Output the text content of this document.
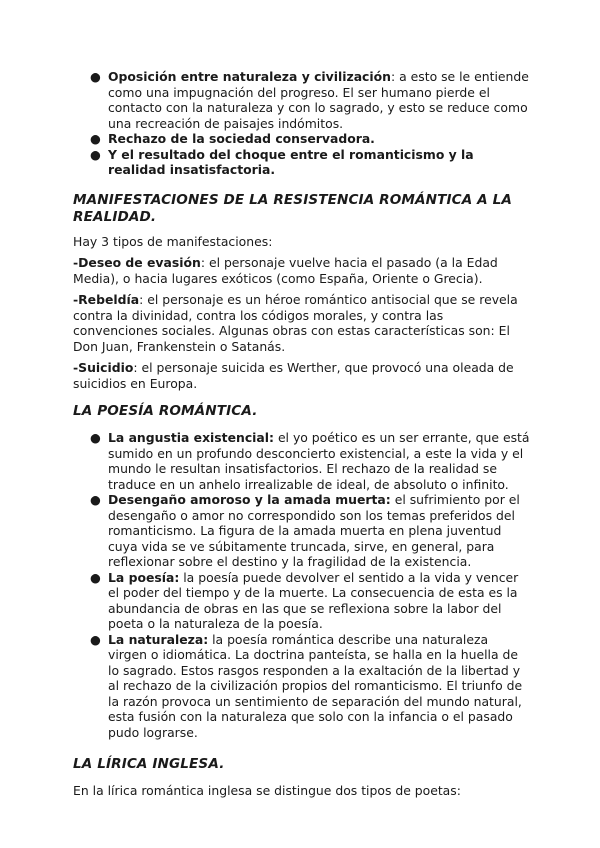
● Oposición entre naturaleza y civilización: a esto se le entiende como una impugnación del progreso. El ser humano pierde el contacto con la naturaleza y con lo sagrado, y esto se reduce como una recreación de paisajes indómitos.
● Rechazo de la sociedad conservadora.
● Y el resultado del choque entre el romanticismo y la realidad insatisfactoria.
MANIFESTACIONES DE LA RESISTENCIA ROMÁNTICA A LA REALIDAD.

Hay 3 tipos de manifestaciones:

-Deseo de evasión: el personaje vuelve hacia el pasado (a la Edad Media), o hacia lugares exóticos (como España, Oriente o Grecia).

-Rebeldía: el personaje es un héroe romántico antisocial que se revela contra la divinidad, contra los códigos morales, y contra las convenciones sociales. Algunas obras con estas características son: El Don Juan, Frankenstein o Satanás.

-Suicidio: el personaje suicida es Werther, que provocó una oleada de suicidios en Europa.

LA POESÍA ROMÁNTICA.
● La angustia existencial: el yo poético es un ser errante, que está sumido en un profundo desconcierto existencial, a este la vida y el mundo le resultan insatisfactorios. El rechazo de la realidad se traduce en un anhelo irrealizable de ideal, de absoluto o infinito.
● Desengaño amoroso y la amada muerta: el sufrimiento por el desengaño o amor no correspondido son los temas preferidos del romanticismo. La figura de la amada muerta en plena juventud cuya vida se ve súbitamente truncada, sirve, en general, para reflexionar sobre el destino y la fragilidad de la existencia.
● La poesía: la poesía puede devolver el sentido a la vida y vencer el poder del tiempo y de la muerte. La consecuencia de esta es la abundancia de obras en las que se reflexiona sobre la labor del poeta o la naturaleza de la poesía.
● La naturaleza: la poesía romántica describe una naturaleza virgen o idiomática. La doctrina panteísta, se halla en la huella de lo sagrado. Estos rasgos responden a la exaltación de la libertad y al rechazo de la civilización propios del romanticismo. El triunfo de la razón provoca un sentimiento de separación del mundo natural, esta fusión con la naturaleza que solo con la infancia o el pasado pudo lograrse.
LA LÍRICA INGLESA.

En la lírica romántica inglesa se distingue dos tipos de poetas:
